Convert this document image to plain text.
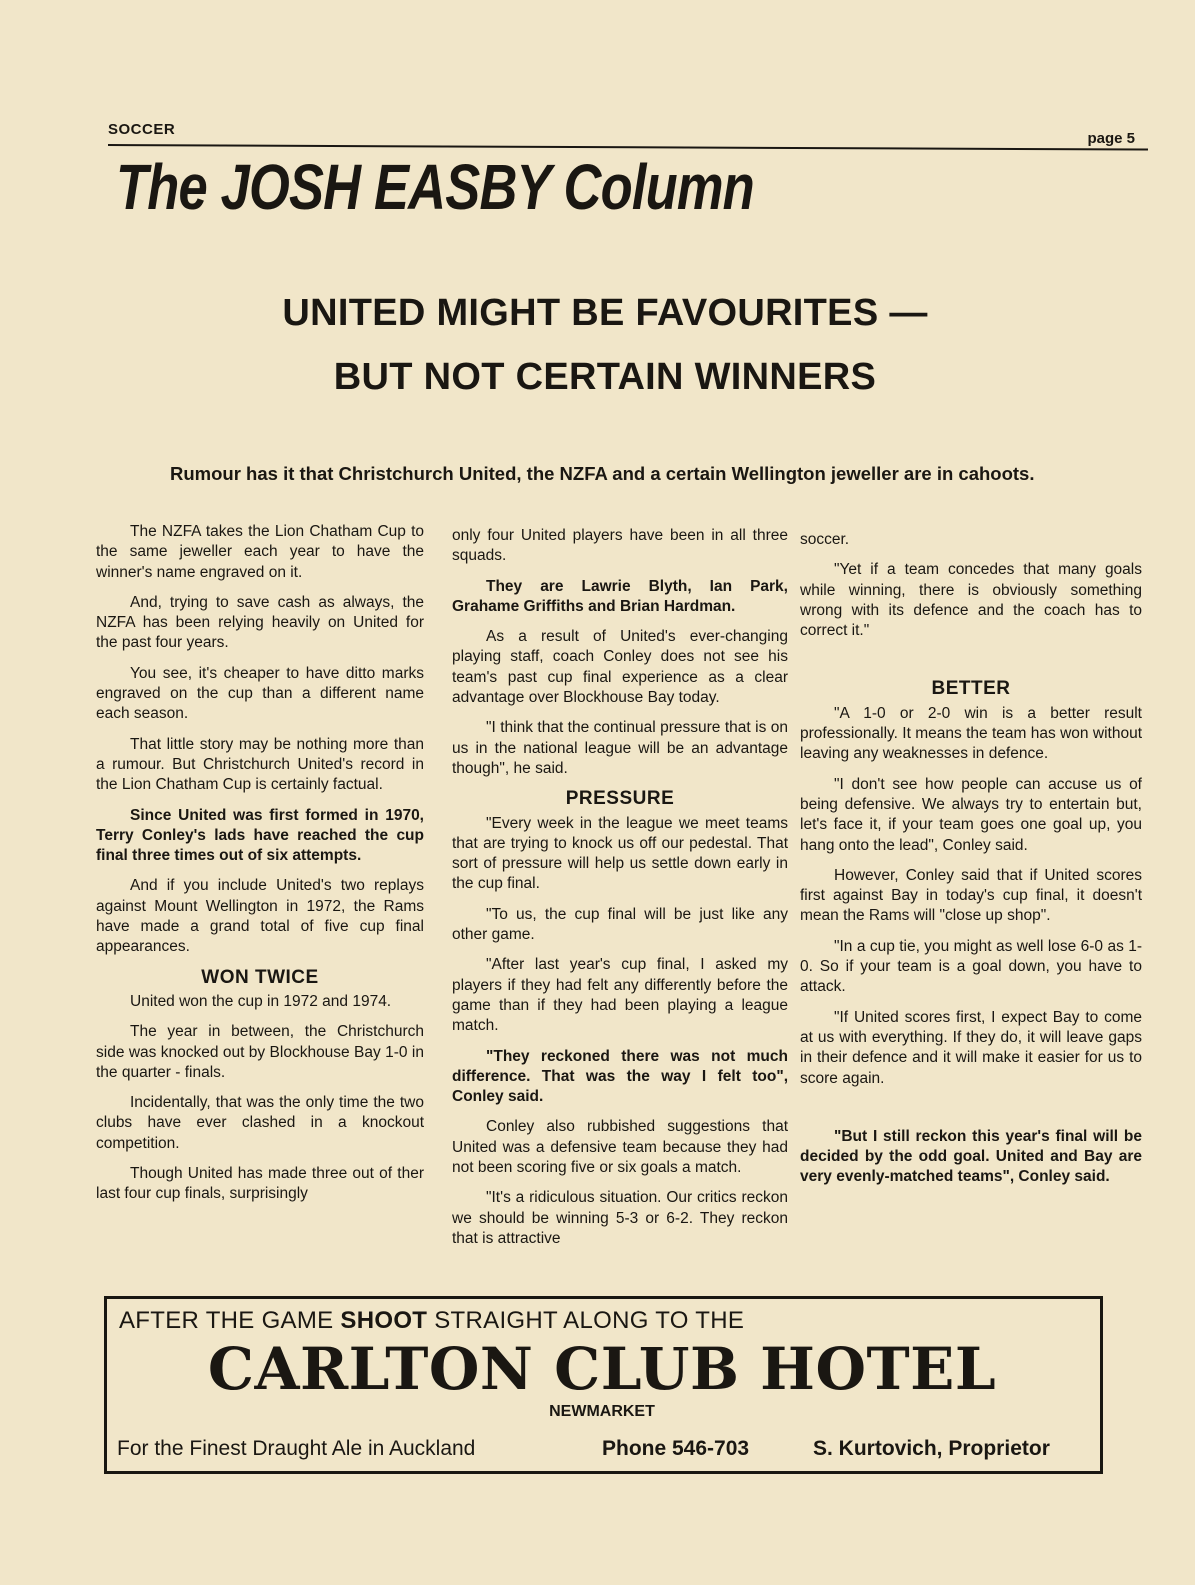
SOCCER
page 5
The JOSH EASBY Column
UNITED MIGHT BE FAVOURITES —
BUT NOT CERTAIN WINNERS
Rumour has it that Christchurch United, the NZFA and a certain Wellington jeweller are in cahoots.

The NZFA takes the Lion Chatham Cup to the same jeweller each year to have the winner's name engraved on it.

And, trying to save cash as always, the NZFA has been relying heavily on United for the past four years.

You see, it's cheaper to have ditto marks engraved on the cup than a different name each season.

That little story may be nothing more than a rumour. But Christchurch United's record in the Lion Chatham Cup is certainly factual.

Since United was first formed in 1970, Terry Conley's lads have reached the cup final three times out of six attempts.

And if you include United's two replays against Mount Wellington in 1972, the Rams have made a grand total of five cup final appearances.

WON TWICE

United won the cup in 1972 and 1974.

The year in between, the Christchurch side was knocked out by Blockhouse Bay 1-0 in the quarter - finals.

Incidentally, that was the only time the two clubs have ever clashed in a knockout competition.

Though United has made three out of ther last four cup finals, surprisingly

only four United players have been in all three squads.

They are Lawrie Blyth, Ian Park, Grahame Griffiths and Brian Hardman.

As a result of United's ever-changing playing staff, coach Conley does not see his team's past cup final experience as a clear advantage over Blockhouse Bay today.

"I think that the continual pressure that is on us in the national league will be an advantage though", he said.

PRESSURE

"Every week in the league we meet teams that are trying to knock us off our pedestal. That sort of pressure will help us settle down early in the cup final.

"To us, the cup final will be just like any other game.

"After last year's cup final, I asked my players if they had felt any differently before the game than if they had been playing a league match.

"They reckoned there was not much difference. That was the way I felt too", Conley said.

Conley also rubbished suggestions that United was a defensive team because they had not been scoring five or six goals a match.

"It's a ridiculous situation. Our critics reckon we should be winning 5-3 or 6-2. They reckon that is attractive

soccer.

"Yet if a team concedes that many goals while winning, there is obviously something wrong with its defence and the coach has to correct it."

BETTER

"A 1-0 or 2-0 win is a better result professionally. It means the team has won without leaving any weaknesses in defence.

"I don't see how people can accuse us of being defensive. We always try to entertain but, let's face it, if your team goes one goal up, you hang onto the lead", Conley said.

However, Conley said that if United scores first against Bay in today's cup final, it doesn't mean the Rams will "close up shop".

"In a cup tie, you might as well lose 6-0 as 1-0. So if your team is a goal down, you have to attack.

"If United scores first, I expect Bay to come at us with everything. If they do, it will leave gaps in their defence and it will make it easier for us to score again.

"But I still reckon this year's final will be decided by the odd goal. United and Bay are very evenly-matched teams", Conley said.

AFTER THE GAME SHOOT STRAIGHT ALONG TO THE
CARLTON CLUB HOTEL
NEWMARKET
For the Finest Draught Ale in Auckland	Phone 546-703	S. Kurtovich, Proprietor
